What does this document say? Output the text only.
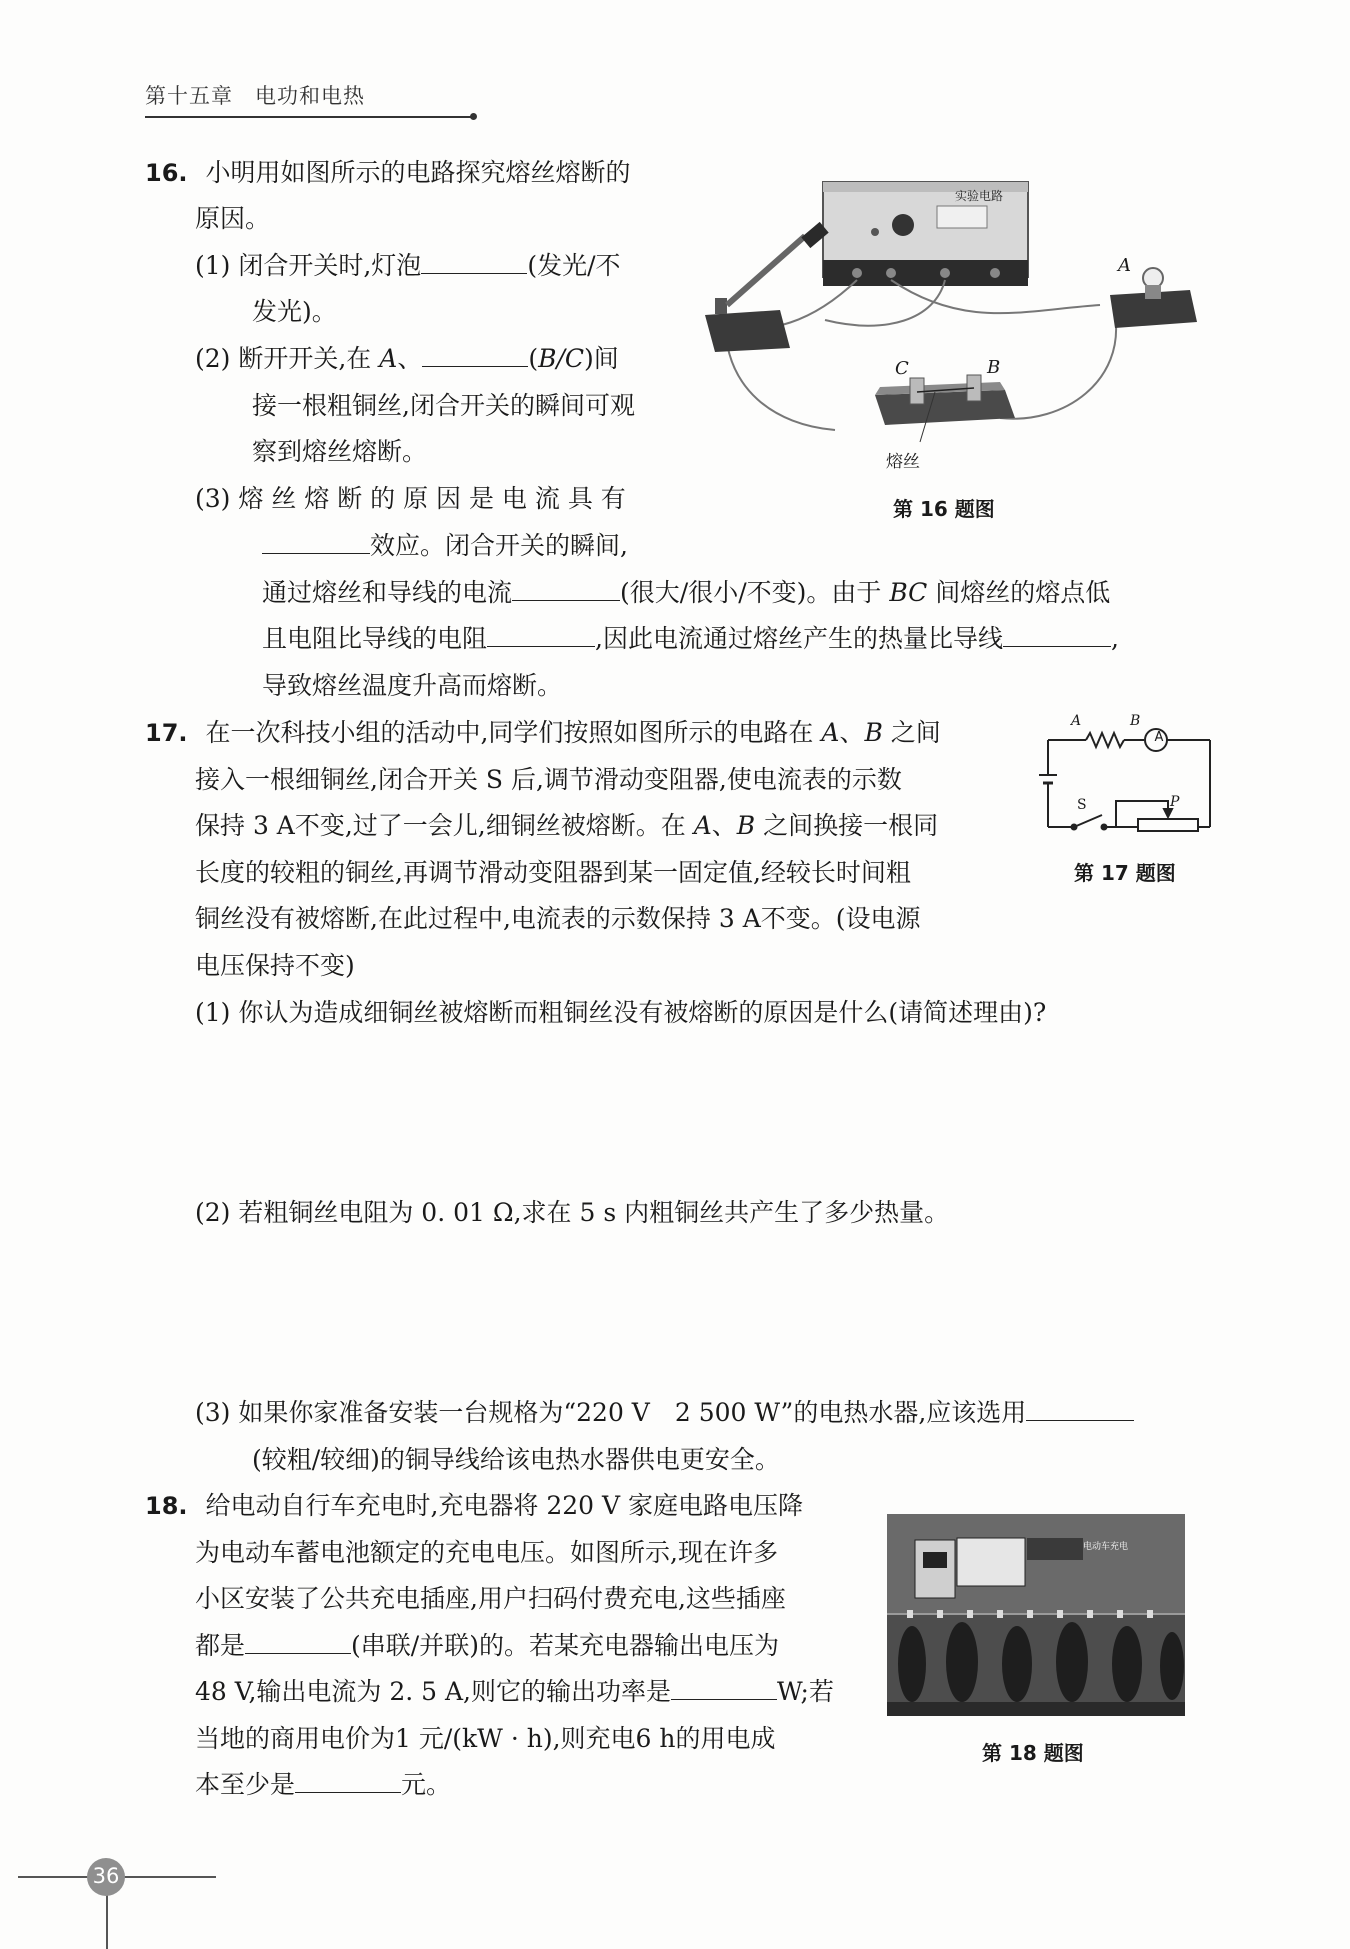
第十五章　电功和电热
16. 小明用如图所示的电路探究熔丝熔断的
原因。
(1) 闭合开关时,灯泡	(发光/不
发光)。
(2) 断开开关,在 A、	(B/C)间
接一根粗铜丝,闭合开关的瞬间可观
察到熔丝熔断。
(3) 熔 丝 熔 断 的 原 因 是 电 流 具 有
效应。闭合开关的瞬间,
通过熔丝和导线的电流	(很大/很小/不变)。由于 BC 间熔丝的熔点低
且电阻比导线的电阻	,因此电流通过熔丝产生的热量比导线	,
导致熔丝温度升高而熔断。
实验电路
A
C	B
熔丝
第 16 题图
17. 在一次科技小组的活动中,同学们按照如图所示的电路在 A、B 之间
接入一根细铜丝,闭合开关 S 后,调节滑动变阻器,使电流表的示数
保持 3 A不变,过了一会儿,细铜丝被熔断。在 A、B 之间换接一根同
长度的较粗的铜丝,再调节滑动变阻器到某一固定值,经较长时间粗
铜丝没有被熔断,在此过程中,电流表的示数保持 3 A不变。(设电源
电压保持不变)
A	B
A
S	P
第 17 题图
(1) 你认为造成细铜丝被熔断而粗铜丝没有被熔断的原因是什么(请简述理由)?
(2) 若粗铜丝电阻为 0. 01 Ω,求在 5 s 内粗铜丝共产生了多少热量。
(3) 如果你家准备安装一台规格为“220 V　2 500 W”的电热水器,应该选用
(较粗/较细)的铜导线给该电热水器供电更安全。
18. 给电动自行车充电时,充电器将 220 V 家庭电路电压降
为电动车蓄电池额定的充电电压。如图所示,现在许多
小区安装了公共充电插座,用户扫码付费充电,这些插座
都是	(串联/并联)的。若某充电器输出电压为
48 V,输出电流为 2. 5 A,则它的输出功率是	W;若
当地的商用电价为1 元/(kW · h),则充电6 h的用电成
本至少是	元。
电动车充电
第 18 题图
36
